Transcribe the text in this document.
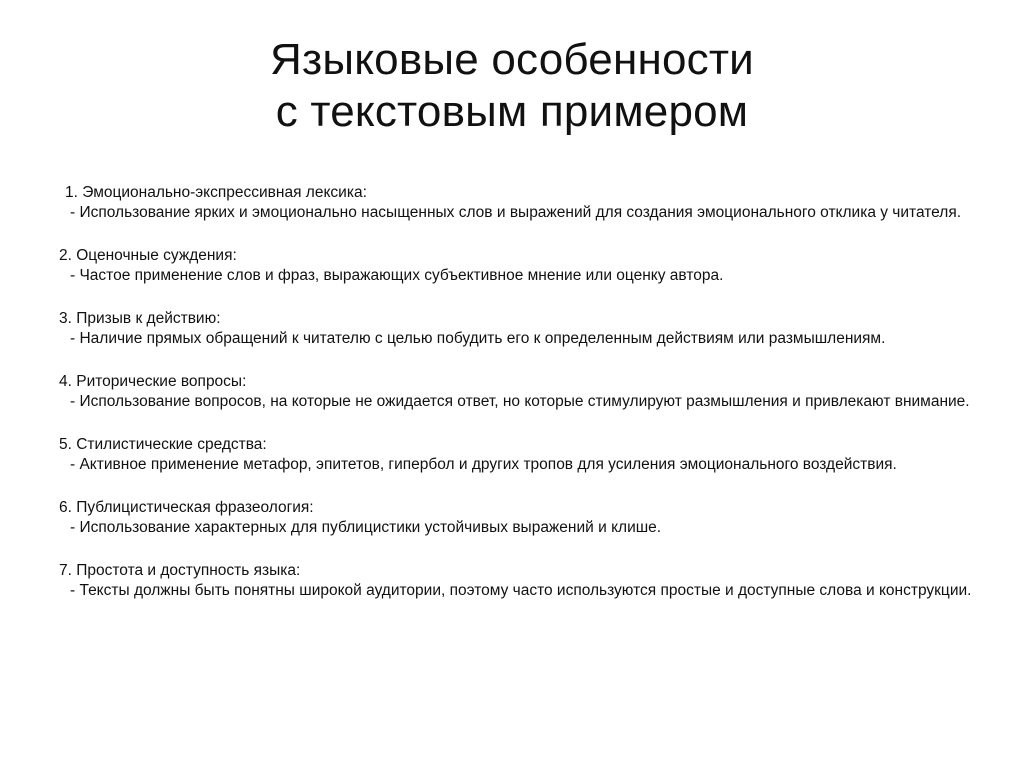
Языковые особенности
с текстовым примером
1. Эмоционально-экспрессивная лексика:
- Использование ярких и эмоционально насыщенных слов и выражений для создания эмоционального отклика у читателя.
2. Оценочные суждения:
- Частое применение слов и фраз, выражающих субъективное мнение или оценку автора.
3. Призыв к действию:
- Наличие прямых обращений к читателю с целью побудить его к определенным действиям или размышлениям.
4. Риторические вопросы:
- Использование вопросов, на которые не ожидается ответ, но которые стимулируют размышления и привлекают внимание.
5. Стилистические средства:
- Активное применение метафор, эпитетов, гипербол и других тропов для усиления эмоционального воздействия.
6. Публицистическая фразеология:
- Использование характерных для публицистики устойчивых выражений и клише.
7. Простота и доступность языка:
- Тексты должны быть понятны широкой аудитории, поэтому часто используются простые и доступные слова и конструкции.
